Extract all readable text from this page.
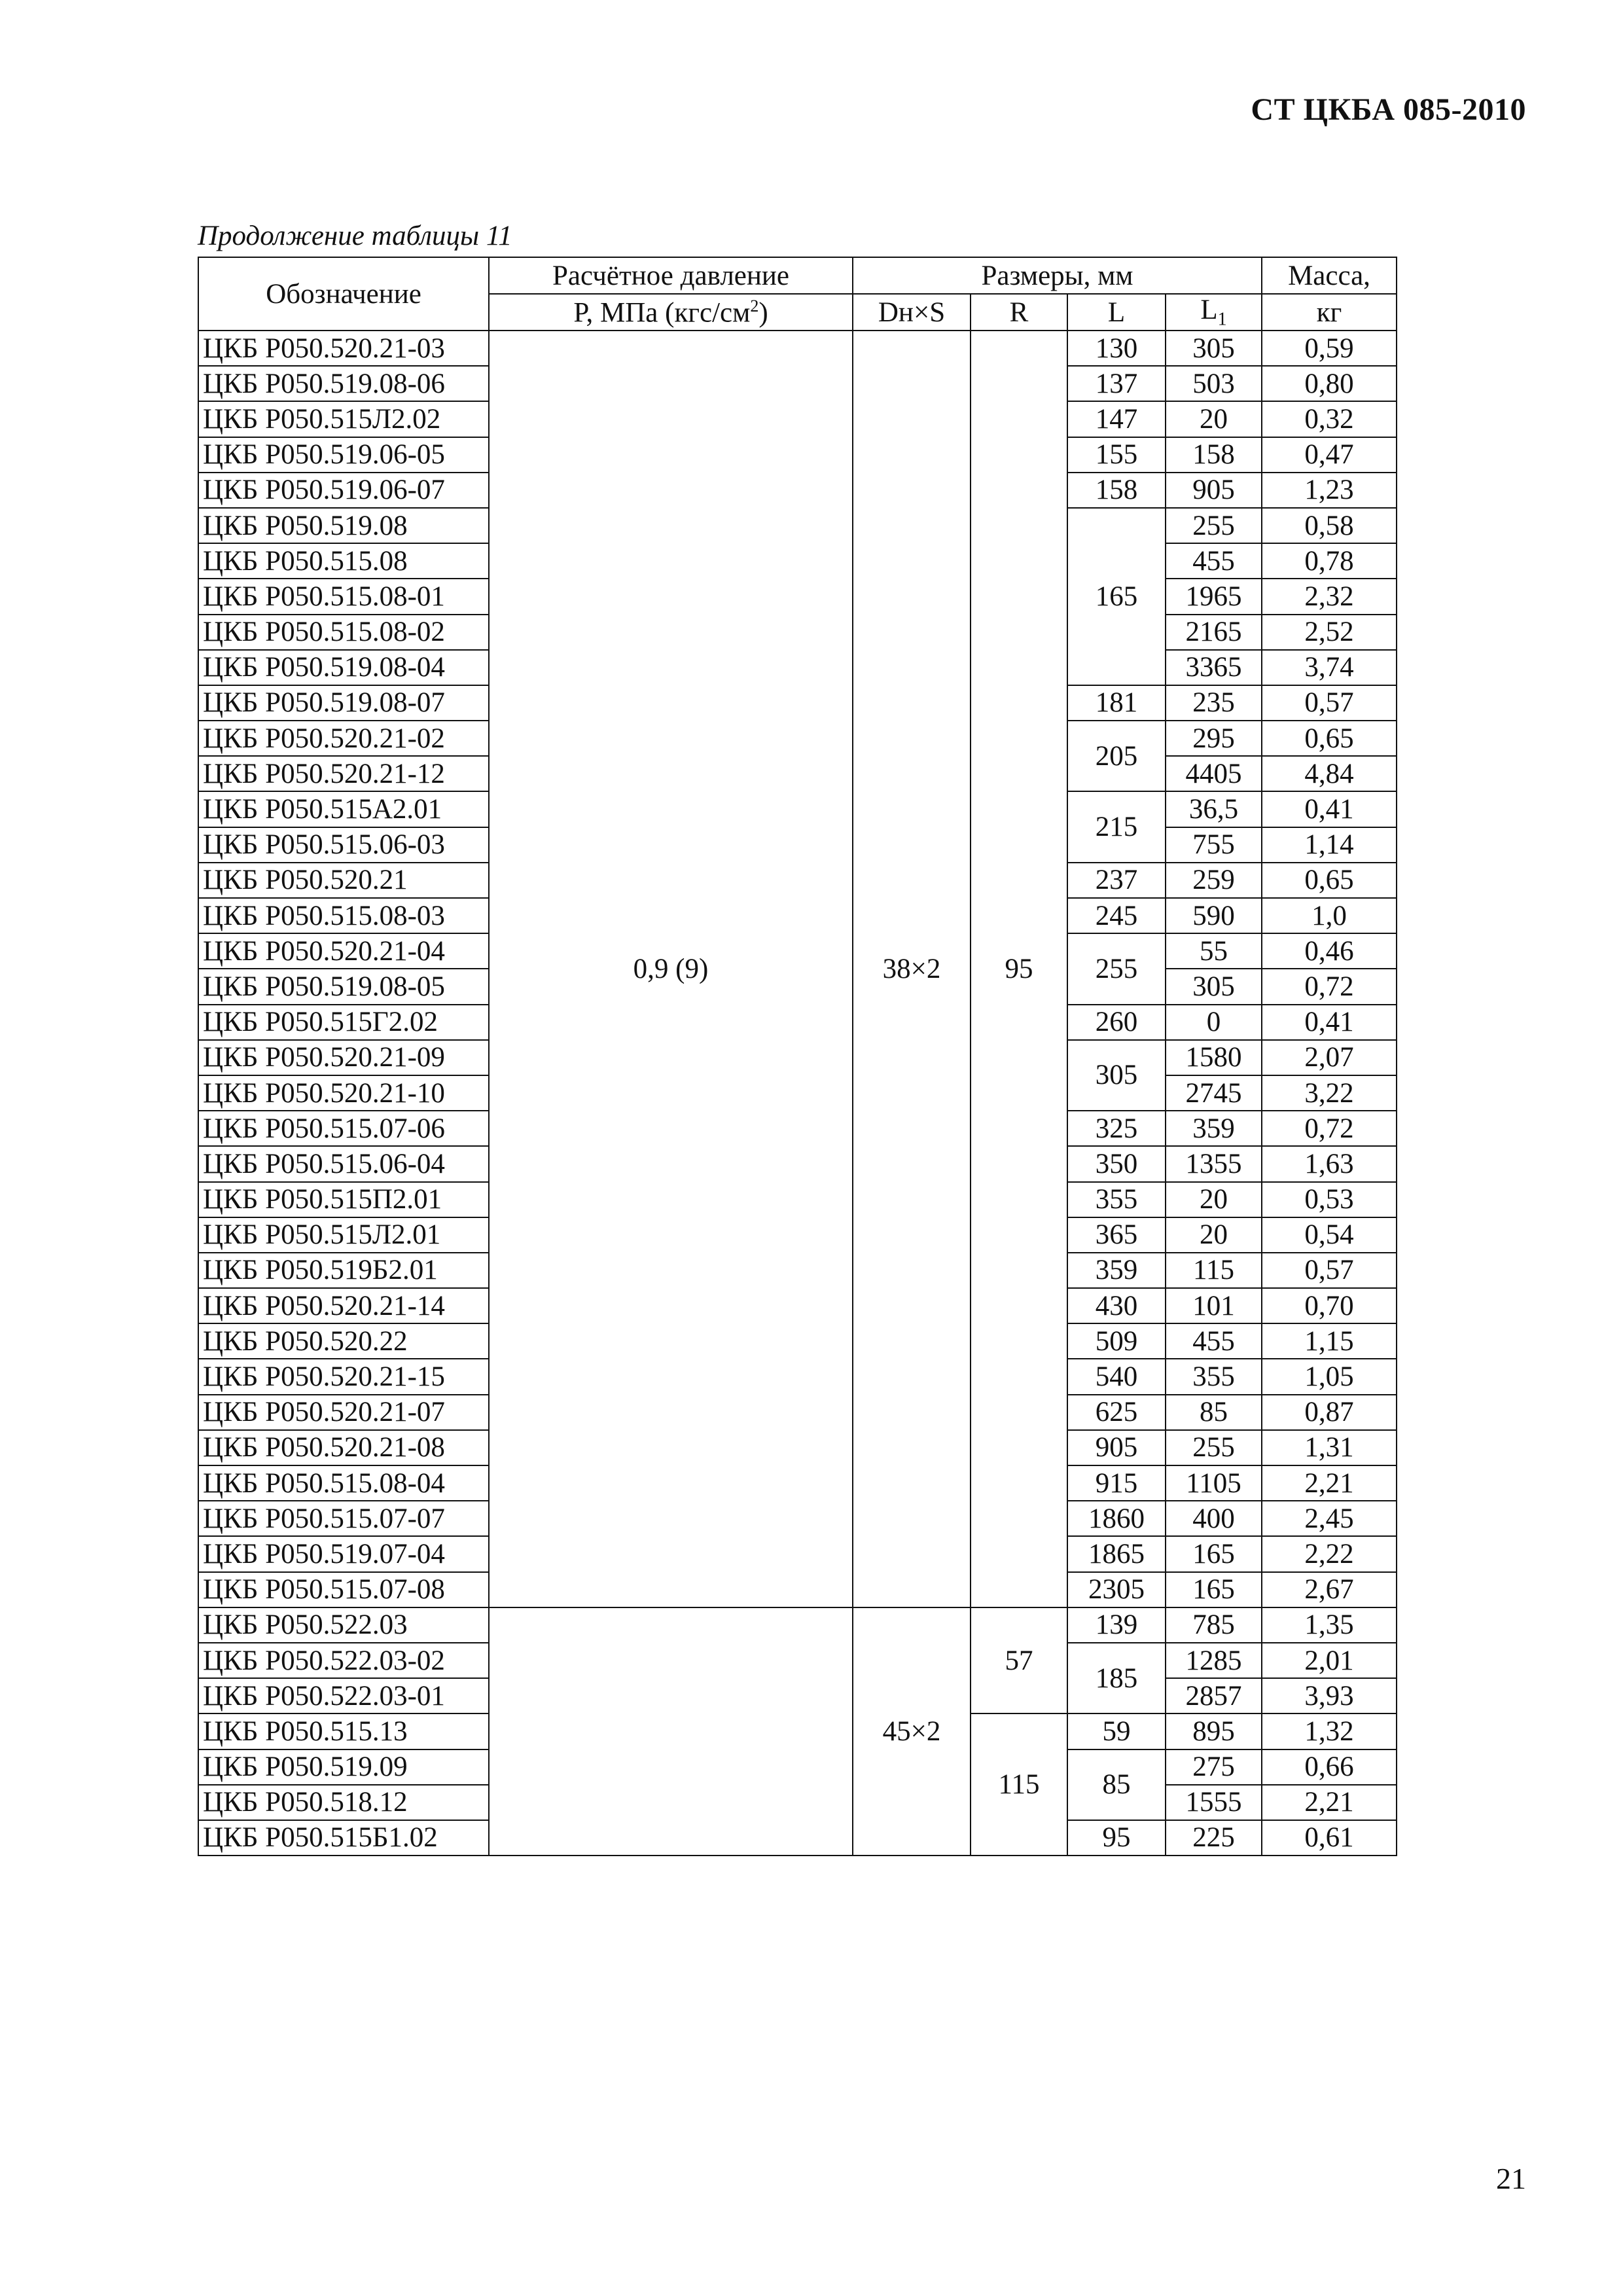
СТ ЦКБА 085-2010
Продолжение таблицы 11
Обозначение	Расчётное давление	Размеры, мм				Масса,
	P, МПа $(кгс/см^2)$	Dн×S	R	L	$L_1$	кг
ЦКБ Р050.520.21-03	0,9 (9)	38×2	95	130	305	0,59
ЦКБ Р050.519.08-06				137	503	0,80
ЦКБ Р050.515Л2.02				147	20	0,32
ЦКБ Р050.519.06-05				155	158	0,47
ЦКБ Р050.519.06-07				158	905	1,23
ЦКБ Р050.519.08				165	255	0,58
ЦКБ Р050.515.08					455	0,78
ЦКБ Р050.515.08-01					1965	2,32
ЦКБ Р050.515.08-02					2165	2,52
ЦКБ Р050.519.08-04					3365	3,74
ЦКБ Р050.519.08-07				181	235	0,57
ЦКБ Р050.520.21-02				205	295	0,65
ЦКБ Р050.520.21-12					4405	4,84
ЦКБ Р050.515А2.01				215	36,5	0,41
ЦКБ Р050.515.06-03					755	1,14
ЦКБ Р050.520.21				237	259	0,65
ЦКБ Р050.515.08-03				245	590	1,0
ЦКБ Р050.520.21-04				255	55	0,46
ЦКБ Р050.519.08-05					305	0,72
ЦКБ Р050.515Г2.02				260	0	0,41
ЦКБ Р050.520.21-09				305	1580	2,07
ЦКБ Р050.520.21-10					2745	3,22
ЦКБ Р050.515.07-06				325	359	0,72
ЦКБ Р050.515.06-04				350	1355	1,63
ЦКБ Р050.515П2.01				355	20	0,53
ЦКБ Р050.515Л2.01				365	20	0,54
ЦКБ Р050.519Б2.01				359	115	0,57
ЦКБ Р050.520.21-14				430	101	0,70
ЦКБ Р050.520.22				509	455	1,15
ЦКБ Р050.520.21-15				540	355	1,05
ЦКБ Р050.520.21-07				625	85	0,87
ЦКБ Р050.520.21-08				905	255	1,31
ЦКБ Р050.515.08-04				915	1105	2,21
ЦКБ Р050.515.07-07				1860	400	2,45
ЦКБ Р050.519.07-04				1865	165	2,22
ЦКБ Р050.515.07-08				2305	165	2,67
ЦКБ Р050.522.03		45×2	57	139	785	1,35
ЦКБ Р050.522.03-02				185	1285	2,01
ЦКБ Р050.522.03-01					2857	3,93
ЦКБ Р050.515.13			115	59	895	1,32
ЦКБ Р050.519.09				85	275	0,66
ЦКБ Р050.518.12					1555	2,21
ЦКБ Р050.515Б1.02				95	225	0,61
21
